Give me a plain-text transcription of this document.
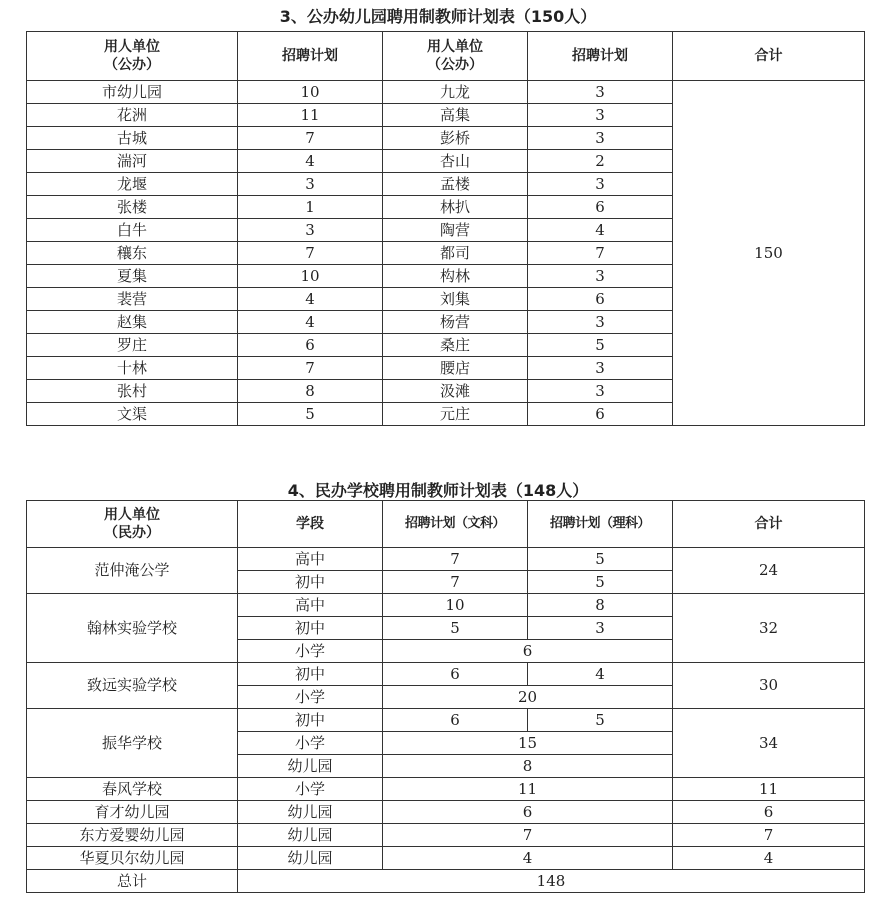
3、公办幼儿园聘用制教师计划表（150人）
用人单位
（公办）	招聘计划	用人单位
（公办）	招聘计划	合计
市幼儿园	10	九龙	3	150
花洲	11	高集	3	
古城	7	彭桥	3	
湍河	4	杏山	2	
龙堰	3	孟楼	3	
张楼	1	林扒	6	
白牛	3	陶营	4	
穰东	7	都司	7	
夏集	10	构林	3	
裴营	4	刘集	6	
赵集	4	杨营	3	
罗庄	6	桑庄	5	
十林	7	腰店	3	
张村	8	汲滩	3	
文渠	5	元庄	6	
4、民办学校聘用制教师计划表（148人）
用人单位
（民办）	学段	招聘计划（文科）	招聘计划（理科）	合计
范仲淹公学	高中	7	5	24
	初中	7	5	
翰林实验学校	高中	10	8	32
	初中	5	3	
	小学	6		
致远实验学校	初中	6	4	30
	小学	20		
振华学校	初中	6	5	34
	小学	15		
	幼儿园	8		
春风学校	小学	11		11
育才幼儿园	幼儿园	6		6
东方爱婴幼儿园	幼儿园	7		7
华夏贝尔幼儿园	幼儿园	4		4
总计	148			
